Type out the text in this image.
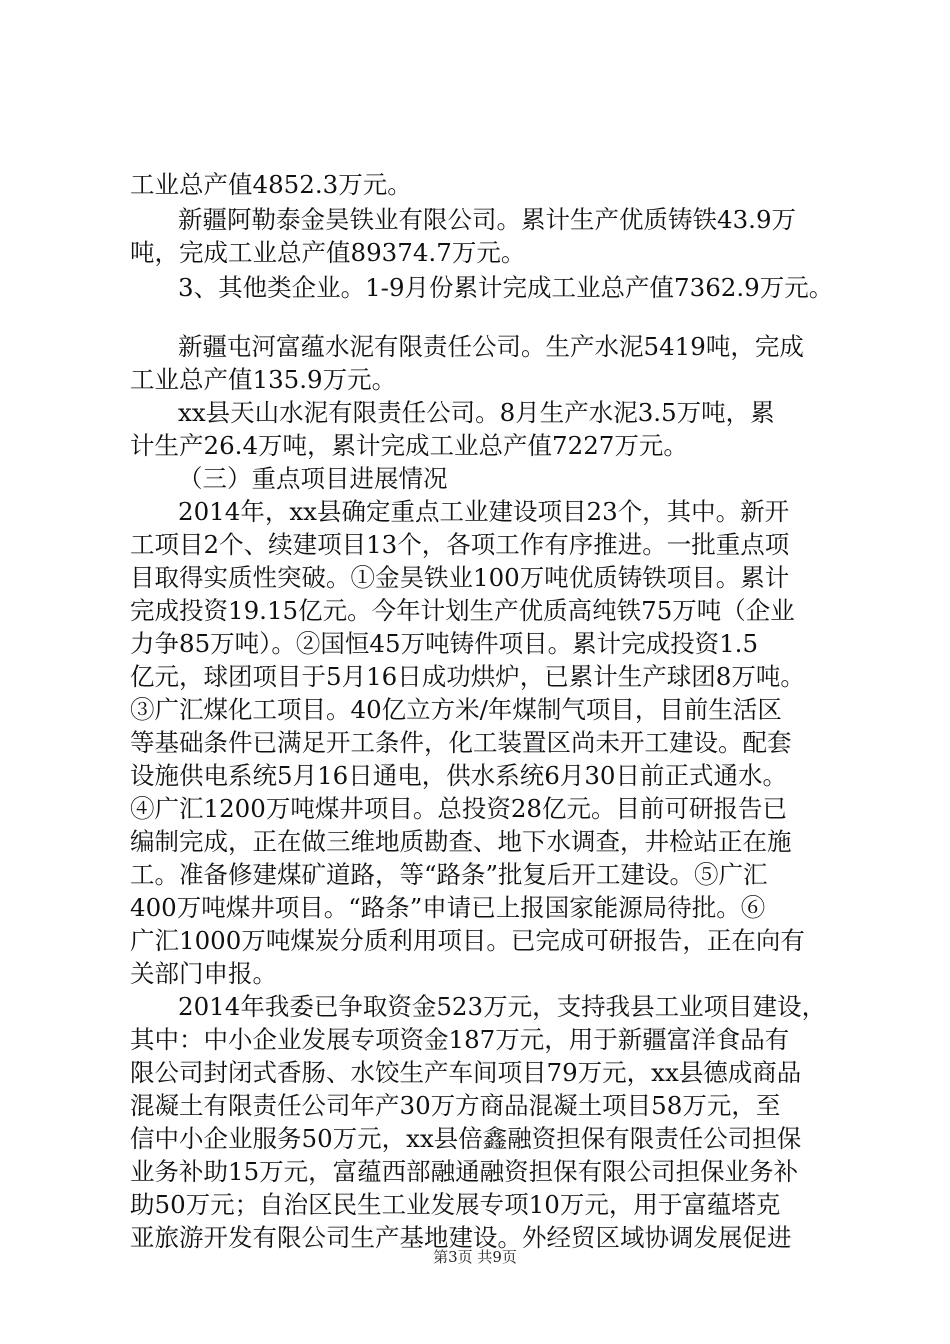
工业总产值4852.3万元。
新疆阿勒泰金昊铁业有限公司。累计生产优质铸铁43.9万
吨，完成工业总产值89374.7万元。
3、其他类企业。1-9月份累计完成工业总产值7362.9万元。
新疆屯河富蕴水泥有限责任公司。生产水泥5419吨，完成
工业总产值135.9万元。
xx县天山水泥有限责任公司。8月生产水泥3.5万吨，累
计生产26.4万吨，累计完成工业总产值7227万元。
（三）重点项目进展情况
2014年，xx县确定重点工业建设项目23个，其中。新开
工项目2个、续建项目13个，各项工作有序推进。一批重点项
目取得实质性突破。①金昊铁业100万吨优质铸铁项目。累计
完成投资19.15亿元。今年计划生产优质高纯铁75万吨（企业
力争85万吨）。②国恒45万吨铸件项目。累计完成投资1.5
亿元，球团项目于5月16日成功烘炉，已累计生产球团8万吨。
③广汇煤化工项目。40亿立方米/年煤制气项目，目前生活区
等基础条件已满足开工条件，化工装置区尚未开工建设。配套
设施供电系统5月16日通电，供水系统6月30日前正式通水。
④广汇1200万吨煤井项目。总投资28亿元。目前可研报告已
编制完成，正在做三维地质勘查、地下水调查，井检站正在施
工。准备修建煤矿道路，等“路条”批复后开工建设。⑤广汇
400万吨煤井项目。“路条”申请已上报国家能源局待批。⑥
广汇1000万吨煤炭分质利用项目。已完成可研报告，正在向有
关部门申报。
2014年我委已争取资金523万元，支持我县工业项目建设，
其中：中小企业发展专项资金187万元，用于新疆富洋食品有
限公司封闭式香肠、水饺生产车间项目79万元，xx县德成商品
混凝土有限责任公司年产30万方商品混凝土项目58万元，至
信中小企业服务50万元，xx县倍鑫融资担保有限责任公司担保
业务补助15万元，富蕴西部融通融资担保有限公司担保业务补
助50万元；自治区民生工业发展专项10万元，用于富蕴塔克
亚旅游开发有限公司生产基地建设。外经贸区域协调发展促进
第3页 共9页
